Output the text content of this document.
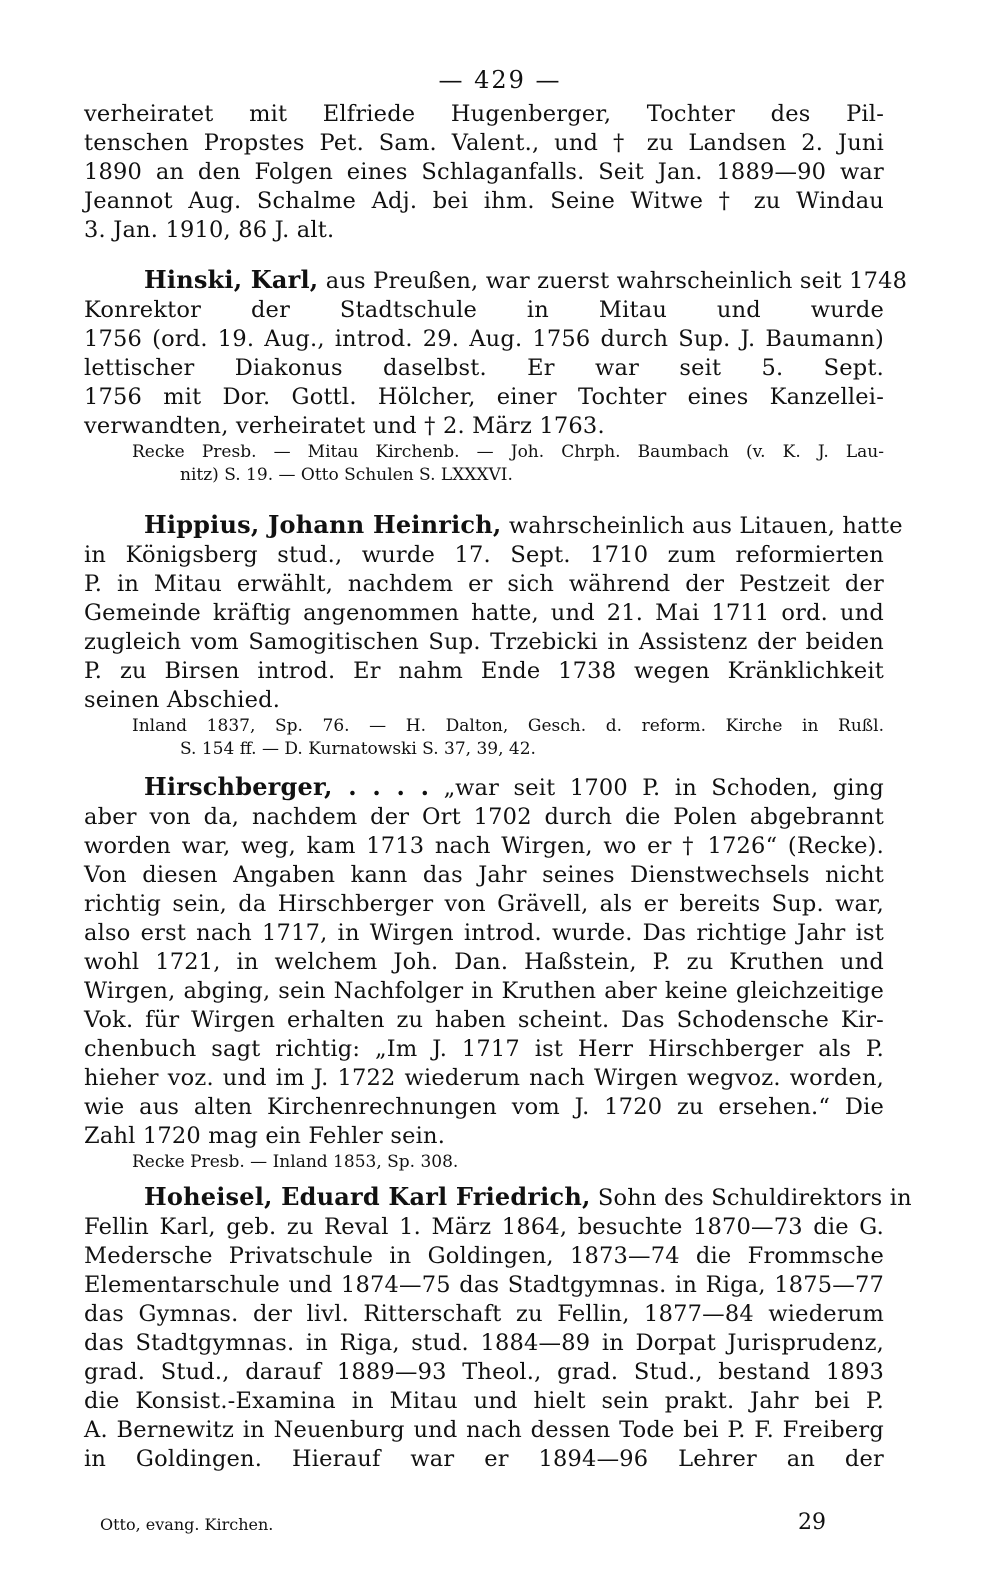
— 429 —
verheiratet mit Elfriede Hugenberger, Tochter des Pil-
tenschen Propstes Pet. Sam. Valent., und † zu Landsen 2. Juni
1890 an den Folgen eines Schlaganfalls. Seit Jan. 1889—90 war
Jeannot Aug. Schalme Adj. bei ihm. Seine Witwe † zu Windau
3. Jan. 1910, 86 J. alt.
Hinski, Karl, aus Preußen, war zuerst wahrscheinlich seit 1748
Konrektor der Stadtschule in Mitau und wurde
1756 (ord. 19. Aug., introd. 29. Aug. 1756 durch Sup. J. Baumann)
lettischer Diakonus daselbst. Er war seit 5. Sept.
1756 mit Dor. Gottl. Hölcher, einer Tochter eines Kanzellei-
verwandten, verheiratet und † 2. März 1763.
Recke Presb. — Mitau Kirchenb. — Joh. Chrph. Baumbach (v. K. J. Lau-
nitz) S. 19. — Otto Schulen S. LXXXVI.
Hippius, Johann Heinrich, wahrscheinlich aus Litauen, hatte
in Königsberg stud., wurde 17. Sept. 1710 zum reformierten
P. in Mitau erwählt, nachdem er sich während der Pestzeit der
Gemeinde kräftig angenommen hatte, und 21. Mai 1711 ord. und
zugleich vom Samogitischen Sup. Trzebicki in Assistenz der beiden
P. zu Birsen introd. Er nahm Ende 1738 wegen Kränklichkeit
seinen Abschied.
Inland 1837, Sp. 76. — H. Dalton, Gesch. d. reform. Kirche in Rußl.
S. 154 ff. — D. Kurnatowski S. 37, 39, 42.
Hirschberger, . . . . „war seit 1700 P. in Schoden, ging
aber von da, nachdem der Ort 1702 durch die Polen abgebrannt
worden war, weg, kam 1713 nach Wirgen, wo er † 1726“ (Recke).
Von diesen Angaben kann das Jahr seines Dienstwechsels nicht
richtig sein, da Hirschberger von Grävell, als er bereits Sup. war,
also erst nach 1717, in Wirgen introd. wurde. Das richtige Jahr ist
wohl 1721, in welchem Joh. Dan. Haßstein, P. zu Kruthen und
Wirgen, abging, sein Nachfolger in Kruthen aber keine gleichzeitige
Vok. für Wirgen erhalten zu haben scheint. Das Schodensche Kir-
chenbuch sagt richtig: „Im J. 1717 ist Herr Hirschberger als P.
hieher voz. und im J. 1722 wiederum nach Wirgen wegvoz. worden,
wie aus alten Kirchenrechnungen vom J. 1720 zu ersehen.“ Die
Zahl 1720 mag ein Fehler sein.
Recke Presb. — Inland 1853, Sp. 308.
Hoheisel, Eduard Karl Friedrich, Sohn des Schuldirektors in
Fellin Karl, geb. zu Reval 1. März 1864, besuchte 1870—73 die G.
Medersche Privatschule in Goldingen, 1873—74 die Frommsche
Elementarschule und 1874—75 das Stadtgymnas. in Riga, 1875—77
das Gymnas. der livl. Ritterschaft zu Fellin, 1877—84 wiederum
das Stadtgymnas. in Riga, stud. 1884—89 in Dorpat Jurisprudenz,
grad. Stud., darauf 1889—93 Theol., grad. Stud., bestand 1893
die Konsist.-Examina in Mitau und hielt sein prakt. Jahr bei P.
A. Bernewitz in Neuenburg und nach dessen Tode bei P. F. Freiberg
in Goldingen. Hierauf war er 1894—96 Lehrer an der
Otto, evang. Kirchen.	29
